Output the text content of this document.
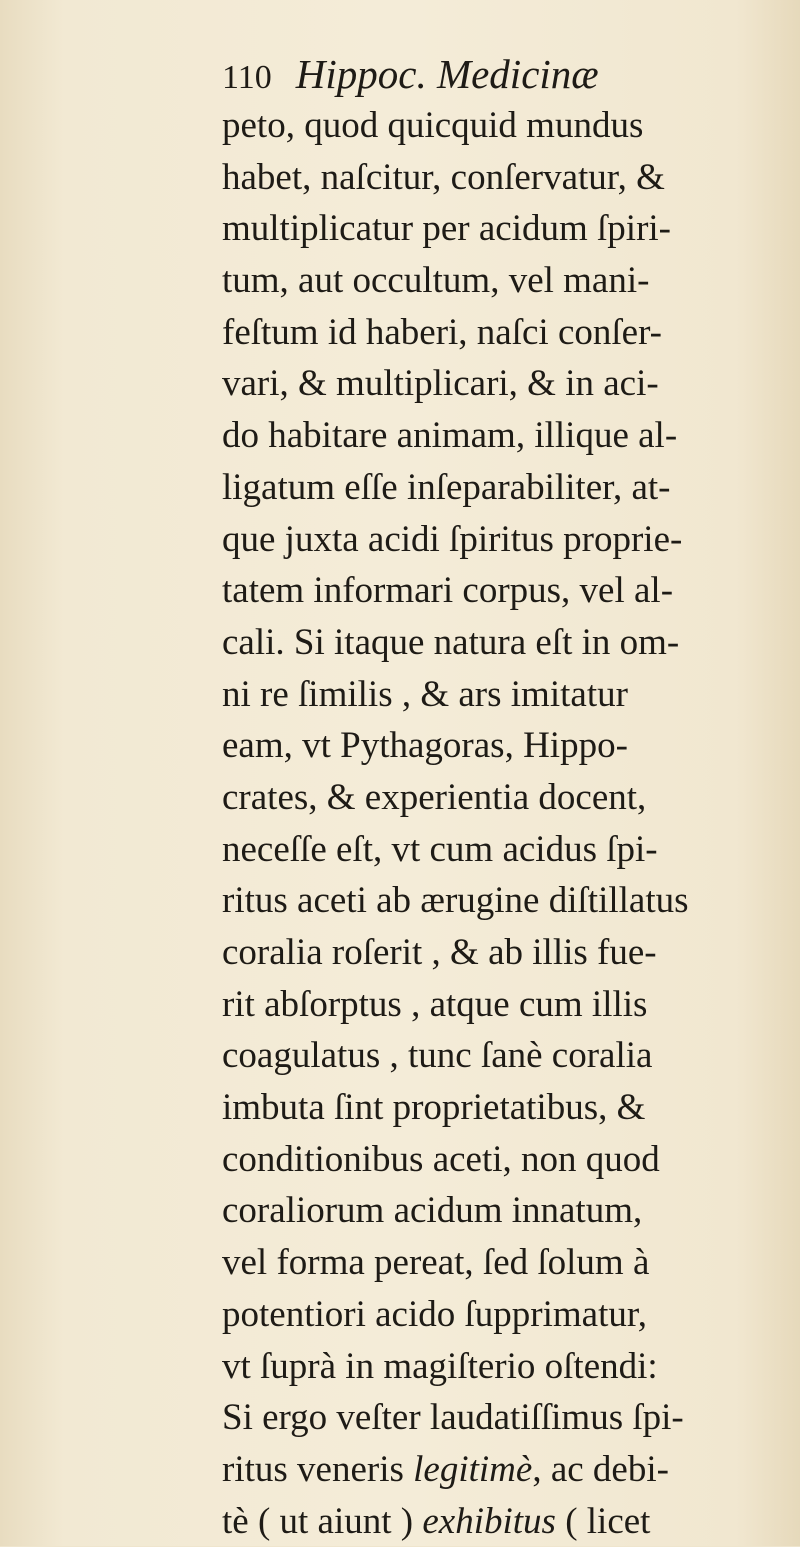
110 Hippoc. Medicinæ
peto, quod quicquid mundus
habet, naſcitur, conſervatur, &
multiplicatur per acidum ſpiri-
tum, aut occultum, vel mani-
feſtum id haberi, naſci conſer-
vari, & multiplicari, & in aci-
do habitare animam, illique al-
ligatum eſſe inſeparabiliter, at-
que juxta acidi ſpiritus proprie-
tatem informari corpus, vel al-
cali. Si itaque natura eſt in om-
ni re ſimilis , & ars imitatur
eam, vt Pythagoras, Hippo-
crates, & experientia docent,
neceſſe eſt, vt cum acidus ſpi-
ritus aceti ab ærugine diſtillatus
coralia roſerit , & ab illis fue-
rit abſorptus , atque cum illis
coagulatus , tunc ſanè coralia
imbuta ſint proprietatibus, &
conditionibus aceti, non quod
coraliorum acidum innatum,
vel forma pereat, ſed ſolum à
potentiori acido ſupprimatur,
vt ſuprà in magiſterio oſtendi:
Si ergo veſter laudatiſſimus ſpi-
ritus veneris legitimè, ac debi-
tè ( ut aiunt ) exhibitus ( licet
